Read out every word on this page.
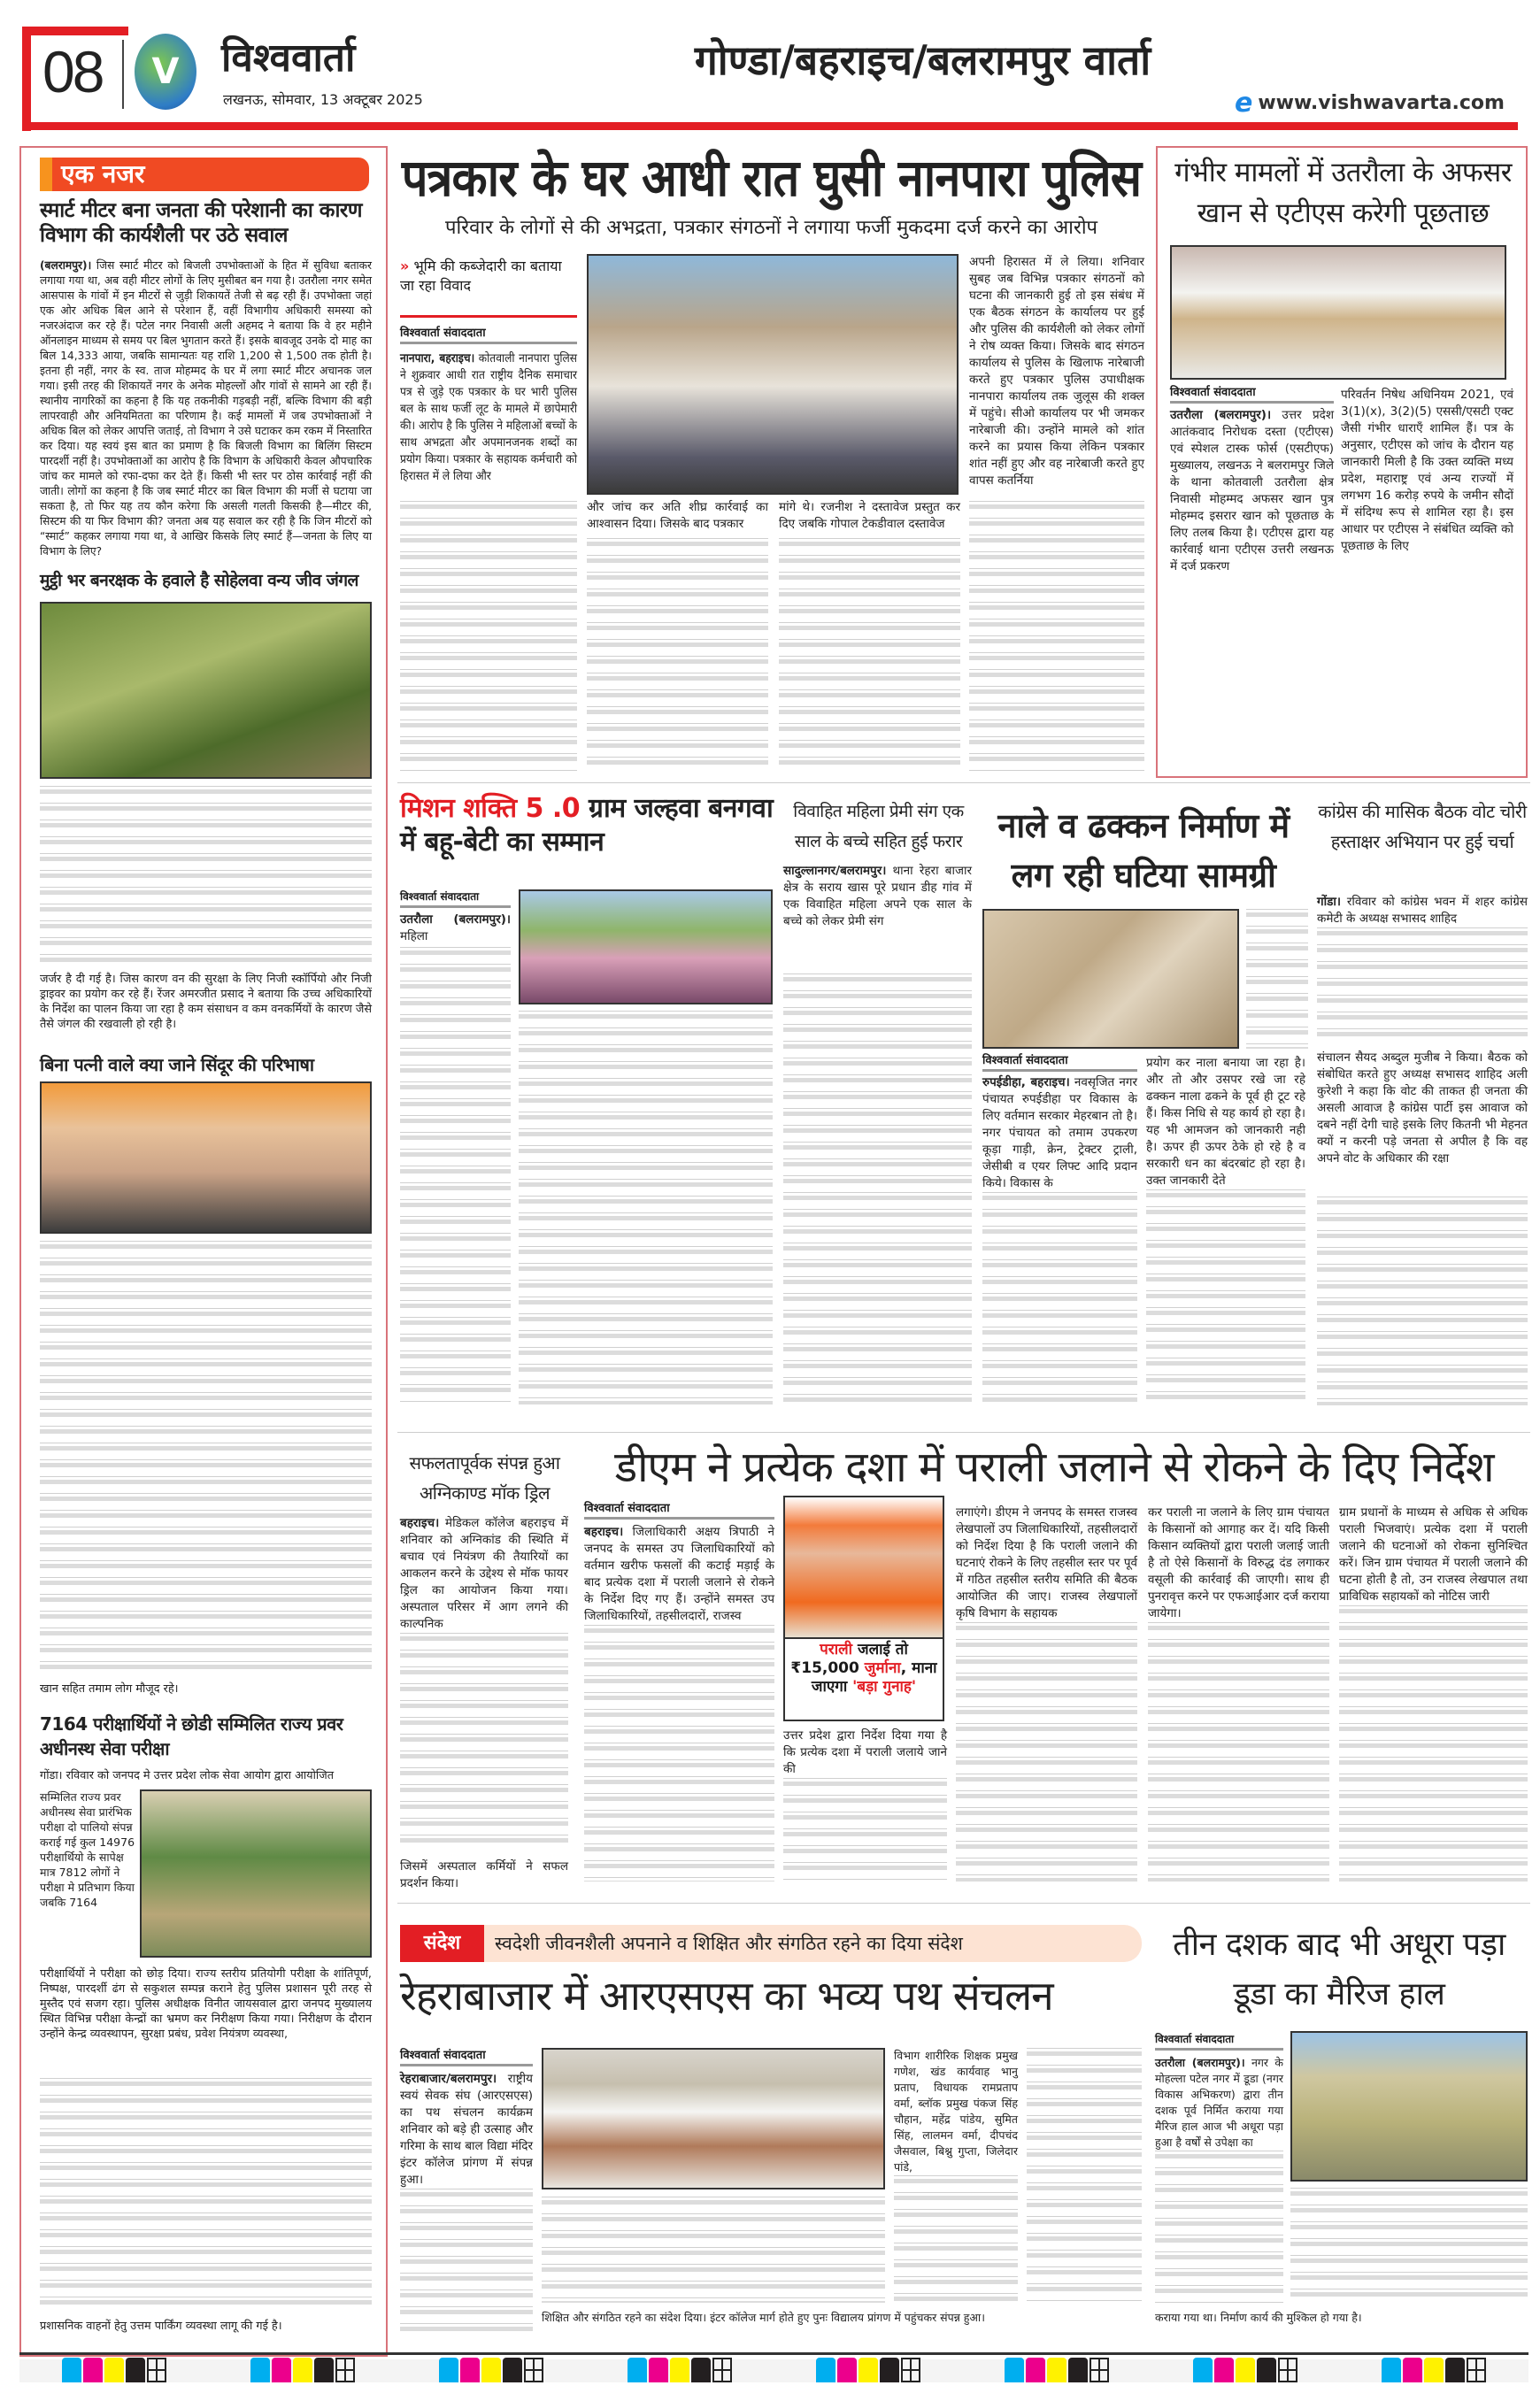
08	V विश्ववार्ता
लखनऊ, सोमवार, 13 अक्टूबर 2025
गोण्डा/बहराइच/बलरामपुर वार्ता
e www.vishwavarta.com
एक नजर
स्मार्ट मीटर बना जनता की परेशानी का कारण विभाग की कार्यशैली पर उठे सवाल
(बलरामपुर)। जिस स्मार्ट मीटर को बिजली उपभोक्ताओं के हित में सुविधा बताकर लगाया गया था, अब वही मीटर लोगों के लिए मुसीबत बन गया है। उतरौला नगर समेत आसपास के गांवों में इन मीटरों से जुड़ी शिकायतें तेजी से बढ़ रही हैं। उपभोक्ता जहां एक ओर अधिक बिल आने से परेशान हैं, वहीं विभागीय अधिकारी समस्या को नजरअंदाज कर रहे हैं। पटेल नगर निवासी अली अहमद ने बताया कि वे हर महीने ऑनलाइन माध्यम से समय पर बिल भुगतान करते हैं। इसके बावजूद उनके दो माह का बिल 14,333 आया, जबकि सामान्यतः यह राशि 1,200 से 1,500 तक होती है। इतना ही नहीं, नगर के स्व. ताज मोहम्मद के घर में लगा स्मार्ट मीटर अचानक जल गया। इसी तरह की शिकायतें नगर के अनेक मोहल्लों और गांवों से सामने आ रही हैं। स्थानीय नागरिकों का कहना है कि यह तकनीकी गड़बड़ी नहीं, बल्कि विभाग की बड़ी लापरवाही और अनियमितता का परिणाम है। कई मामलों में जब उपभोक्ताओं ने अधिक बिल को लेकर आपत्ति जताई, तो विभाग ने उसे घटाकर कम रकम में निस्तारित कर दिया। यह स्वयं इस बात का प्रमाण है कि बिजली विभाग का बिलिंग सिस्टम पारदर्शी नहीं है। उपभोक्ताओं का आरोप है कि विभाग के अधिकारी केवल औपचारिक जांच कर मामले को रफा-दफा कर देते हैं। किसी भी स्तर पर ठोस कार्रवाई नहीं की जाती। लोगों का कहना है कि जब स्मार्ट मीटर का बिल विभाग की मर्जी से घटाया जा सकता है, तो फिर यह तय कौन करेगा कि असली गलती किसकी है—मीटर की, सिस्टम की या फिर विभाग की? जनता अब यह सवाल कर रही है कि जिन मीटरों को “स्मार्ट” कहकर लगाया गया था, वे आखिर किसके लिए स्मार्ट हैं—जनता के लिए या विभाग के लिए?
मुट्ठी भर बनरक्षक के हवाले है सोहेलवा वन्य जीव जंगल
जर्जर है दी गई है। जिस कारण वन की सुरक्षा के लिए निजी स्कॉर्पियो और निजी ड्राइवर का प्रयोग कर रहे हैं। रेंजर अमरजीत प्रसाद ने बताया कि उच्च अधिकारियों के निर्देश का पालन किया जा रहा है कम संसाधन व कम वनकर्मियों के कारण जैसे तैसे जंगल की रखवाली हो रही है।
बिना पत्नी वाले क्या जाने सिंदूर की परिभाषा
खान सहित तमाम लोग मौजूद रहे।
7164 परीक्षार्थियों ने छोडी सम्मिलित राज्य प्रवर अधीनस्थ सेवा परीक्षा
गोंडा। रविवार को जनपद मे उत्तर प्रदेश लोक सेवा आयोग द्वारा आयोजित
सम्मिलित राज्य प्रवर अधीनस्थ सेवा प्रारंभिक परीक्षा दो पालियो संपन्न कराई गई कुल 14976 परीक्षार्थियो के सापेक्ष मात्र 7812 लोगों ने परीक्षा मे प्रतिभाग किया जबकि 7164
परीक्षार्थियों ने परीक्षा को छोड़ दिया। राज्य स्तरीय प्रतियोगी परीक्षा के शांतिपूर्ण, निष्पक्ष, पारदर्शी ढंग से सकुशल सम्पन्न कराने हेतु पुलिस प्रशासन पूरी तरह से मुस्तैद एवं सजग रहा। पुलिस अधीक्षक विनीत जायसवाल द्वारा जनपद मुख्यालय स्थित विभिन्न परीक्षा केन्द्रों का भ्रमण कर निरीक्षण किया गया। निरीक्षण के दौरान उन्होंने केन्द्र व्यवस्थापन, सुरक्षा प्रबंध, प्रवेश नियंत्रण व्यवस्था,
प्रशासनिक वाहनों हेतु उत्तम पार्किंग व्यवस्था लागू की गई है।
पत्रकार के घर आधी रात घुसी नानपारा पुलिस
परिवार के लोगों से की अभद्रता, पत्रकार संगठनों ने लगाया फर्जी मुकदमा दर्ज करने का आरोप
» भूमि की कब्जेदारी का बताया जा रहा विवाद
विश्ववार्ता संवाददाता
नानपारा, बहराइच। कोतवाली नानपारा पुलिस ने शुक्रवार आधी रात राष्ट्रीय दैनिक समाचार पत्र से जुड़े एक पत्रकार के घर भारी पुलिस बल के साथ फर्जी लूट के मामले में छापेमारी की। आरोप है कि पुलिस ने महिलाओं बच्चों के साथ अभद्रता और अपमानजनक शब्दों का प्रयोग किया। पत्रकार के सहायक कर्मचारी को हिरासत में ले लिया और
अपनी हिरासत में ले लिया। शनिवार सुबह जब विभिन्न पत्रकार संगठनों को घटना की जानकारी हुई तो इस संबंध में एक बैठक संगठन के कार्यालय पर हुई और पुलिस की कार्यशैली को लेकर लोगों ने रोष व्यक्त किया। जिसके बाद संगठन कार्यालय से पुलिस के खिलाफ नारेबाजी करते हुए पत्रकार पुलिस उपाधीक्षक नानपारा कार्यालय तक जुलूस की शक्ल में पहुंचे। सीओ कार्यालय पर भी जमकर नारेबाजी की। उन्होंने मामले को शांत करने का प्रयास किया लेकिन पत्रकार शांत नहीं हुए और वह नारेबाजी करते हुए वापस कतर्निया
और जांच कर अति शीघ्र कार्रवाई का आश्वासन दिया। जिसके बाद पत्रकार
मांगे थे। रजनीश ने दस्तावेज प्रस्तुत कर दिए जबकि गोपाल टेकडीवाल दस्तावेज
गंभीर मामलों में उतरौला के अफसर खान से एटीएस करेगी पूछताछ
विश्ववार्ता संवाददाता
उतरौला (बलरामपुर)। उत्तर प्रदेश आतंकवाद निरोधक दस्ता (एटीएस) एवं स्पेशल टास्क फोर्स (एसटीएफ) मुख्यालय, लखनऊ ने बलरामपुर जिले के थाना कोतवाली उतरौला क्षेत्र निवासी मोहम्मद अफसर खान पुत्र मोहम्मद इसरार खान को पूछताछ के लिए तलब किया है। एटीएस द्वारा यह कार्रवाई थाना एटीएस उत्तरी लखनऊ में दर्ज प्रकरण
परिवर्तन निषेध अधिनियम 2021, एवं 3(1)(x), 3(2)(5) एससी/एसटी एक्ट जैसी गंभीर धाराएँ शामिल हैं। पत्र के अनुसार, एटीएस को जांच के दौरान यह जानकारी मिली है कि उक्त व्यक्ति मध्य प्रदेश, महाराष्ट्र एवं अन्य राज्यों में लगभग 16 करोड़ रुपये के जमीन सौदों में संदिग्ध रूप से शामिल रहा है। इस आधार पर एटीएस ने संबंधित व्यक्ति को पूछताछ के लिए
मिशन शक्ति 5 .0 ग्राम जल्हवा बनगवा में बहू-बेटी का सम्मान
विश्ववार्ता संवाददाता
उतरौला (बलरामपुर)। महिला
विवाहित महिला प्रेमी संग एक साल के बच्चे सहित हुई फरार
सादुल्लानगर/बलरामपुर। थाना रेहरा बाजार क्षेत्र के सराय खास पूरे प्रधान डीह गांव में एक विवाहित महिला अपने एक साल के बच्चे को लेकर प्रेमी संग
नाले व ढक्कन निर्माण में लग रही घटिया सामग्री
विश्ववार्ता संवाददाता
रुपईडीहा, बहराइच। नवसृजित नगर पंचायत रुपईडीहा पर विकास के लिए वर्तमान सरकार मेहरबान तो है। नगर पंचायत को तमाम उपकरण कूड़ा गाड़ी, क्रेन, ट्रेक्टर ट्राली, जेसीबी व एयर लिफ्ट आदि प्रदान किये। विकास के
प्रयोग कर नाला बनाया जा रहा है। और तो और उसपर रखे जा रहे ढक्कन नाला ढकने के पूर्व ही टूट रहे हैं। किस निधि से यह कार्य हो रहा है। यह भी आमजन को जानकारी नही है। ऊपर ही ऊपर ठेके हो रहे है व सरकारी धन का बंदरबांट हो रहा है। उक्त जानकारी देते
कांग्रेस की मासिक बैठक वोट चोरी हस्ताक्षर अभियान पर हुई चर्चा
गोंडा। रविवार को कांग्रेस भवन में शहर कांग्रेस कमेटी के अध्यक्ष सभासद शाहिद
संचालन सैयद अब्दुल मुजीब ने किया। बैठक को संबोधित करते हुए अध्यक्ष सभासद शाहिद अली कुरेशी ने कहा कि वोट की ताकत ही जनता की असली आवाज है कांग्रेस पार्टी इस आवाज को दबने नहीं देगी चाहे इसके लिए कितनी भी मेहनत क्यों न करनी पड़े जनता से अपील है कि वह अपने वोट के अधिकार की रक्षा
सफलतापूर्वक संपन्न हुआ अग्निकाण्ड मॉक ड्रिल
बहराइच। मेडिकल कॉलेज बहराइच में शनिवार को अग्निकांड की स्थिति में बचाव एवं नियंत्रण की तैयारियों का आकलन करने के उद्देश्य से मॉक फायर ड्रिल का आयोजन किया गया। अस्पताल परिसर में आग लगने की काल्पनिक
जिसमें अस्पताल कर्मियों ने सफल प्रदर्शन किया।
डीएम ने प्रत्येक दशा में पराली जलाने से रोकने के दिए निर्देश
विश्ववार्ता संवाददाता
बहराइच। जिलाधिकारी अक्षय त्रिपाठी ने जनपद के समस्त उप जिलाधिकारियों को वर्तमान खरीफ फसलों की कटाई मड़ाई के बाद प्रत्येक दशा में पराली जलाने से रोकने के निर्देश दिए गए हैं। उन्होंने समस्त उप जिलाधिकारियों, तहसीलदारों, राजस्व
पराली जलाई तो ₹15,000 जुर्माना, माना जाएगा 'बड़ा गुनाह'
उत्तर प्रदेश द्वारा निर्देश दिया गया है कि प्रत्येक दशा में पराली जलाये जाने की
लगाएंगे। डीएम ने जनपद के समस्त राजस्व लेखपालों उप जिलाधिकारियों, तहसीलदारों को निर्देश दिया है कि पराली जलाने की घटनाएं रोकने के लिए तहसील स्तर पर पूर्व में गठित तहसील स्तरीय समिति की बैठक आयोजित की जाए। राजस्व लेखपालों कृषि विभाग के सहायक
कर पराली ना जलाने के लिए ग्राम पंचायत के किसानों को आगाह कर दें। यदि किसी किसान व्यक्तियों द्वारा पराली जलाई जाती है तो ऐसे किसानों के विरुद्ध दंड लगाकर वसूली की कार्रवाई की जाएगी। साथ ही पुनरावृत्त करने पर एफआईआर दर्ज कराया जायेगा।
ग्राम प्रधानों के माध्यम से अधिक से अधिक पराली भिजवाएं। प्रत्येक दशा में पराली जलाने की घटनाओं को रोकना सुनिश्चित करें। जिन ग्राम पंचायत में पराली जलाने की घटना होती है तो, उन राजस्व लेखपाल तथा प्राविधिक सहायकों को नोटिस जारी
संदेश	स्वदेशी जीवनशैली अपनाने व शिक्षित और संगठित रहने का दिया संदेश
रेहराबाजार में आरएसएस का भव्य पथ संचलन
विश्ववार्ता संवाददाता
रेहराबाजार/बलरामपुर। राष्ट्रीय स्वयं सेवक संघ (आरएसएस) का पथ संचलन कार्यक्रम शनिवार को बड़े ही उत्साह और गरिमा के साथ बाल विद्या मंदिर इंटर कॉलेज प्रांगण में संपन्न हुआ।
विभाग शारीरिक शिक्षक प्रमुख गणेश, खंड कार्यवाह भानु प्रताप, विधायक रामप्रताप वर्मा, ब्लॉक प्रमुख पंकज सिंह चौहान, महेंद्र पांडेय, सुमित सिंह, लालमन वर्मा, दीपचंद जैसवाल, बिश्नु गुप्ता, जिलेदार पांडे,
शिक्षित और संगठित रहने का संदेश दिया। इंटर कॉलेज मार्ग होते हुए पुनः विद्यालय प्रांगण में पहुंचकर संपन्न हुआ।
तीन दशक बाद भी अधूरा पड़ा डूडा का मैरिज हाल
विश्ववार्ता संवाददाता
उतरौला (बलरामपुर)। नगर के मोहल्ला पटेल नगर में डूडा (नगर विकास अभिकरण) द्वारा तीन दशक पूर्व निर्मित कराया गया मैरिज हाल आज भी अधूरा पड़ा हुआ है वर्षों से उपेक्षा का
कराया गया था। निर्माण कार्य की मुश्किल हो गया है।
